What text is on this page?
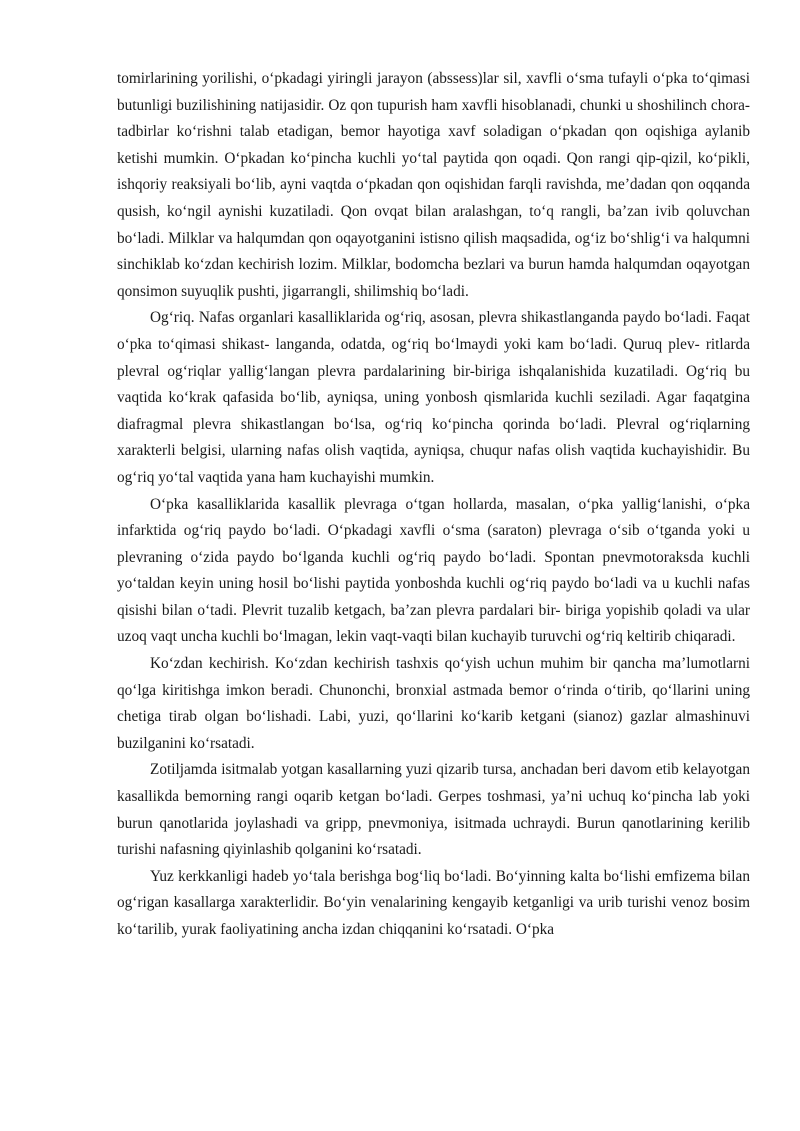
tomirlarining yorilishi, o‘pkadagi yiringli jarayon (abssess)lar sil, xavfli o‘sma tufayli o‘pka to‘qimasi butunligi buzilishining natijasidir. Oz qon tupurish ham xavfli hisoblanadi, chunki u shoshilinch chora- tadbirlar ko‘rishni talab etadigan, bemor hayotiga xavf soladigan o‘pkadan qon oqishiga aylanib ketishi mumkin. O‘pkadan ko‘pincha kuchli yo‘tal paytida qon oqadi. Qon rangi qip-qizil, ko‘pikli, ishqoriy reaksiyali bo‘lib, ayni vaqtda o‘pkadan qon oqishidan farqli ravishda, me’dadan qon oqqanda qusish, ko‘ngil aynishi kuzatiladi. Qon ovqat bilan aralashgan, to‘q rangli, ba’zan ivib qoluvchan bo‘ladi. Milklar va halqumdan qon oqayotganini istisno qilish maqsadida, og‘iz bo‘shlig‘i va halqumni sinchiklab ko‘zdan kechirish lozim. Milklar, bodomcha bezlari va burun hamda halqumdan oqayotgan qonsimon suyuqlik pushti, jigarrangli, shilimshiq bo‘ladi.

Og‘riq. Nafas organlari kasalliklarida og‘riq, asosan, plevra shikastlanganda paydo bo‘ladi. Faqat o‘pka to‘qimasi shikast- langanda, odatda, og‘riq bo‘lmaydi yoki kam bo‘ladi. Quruq plev- ritlarda plevral og‘riqlar yallig‘langan plevra pardalarining bir-biriga ishqalanishida kuzatiladi. Og‘riq bu vaqtida ko‘krak qafasida bo‘lib, ayniqsa, uning yonbosh qismlarida kuchli seziladi. Agar faqatgina diafragmal plevra shikastlangan bo‘lsa, og‘riq ko‘pincha qorinda bo‘ladi. Plevral og‘riqlarning xarakterli belgisi, ularning nafas olish vaqtida, ayniqsa, chuqur nafas olish vaqtida kuchayishidir. Bu og‘riq yo‘tal vaqtida yana ham kuchayishi mumkin.

O‘pka kasalliklarida kasallik plevraga o‘tgan hollarda, masalan, o‘pka yallig‘lanishi, o‘pka infarktida og‘riq paydo bo‘ladi. O‘pkadagi xavfli o‘sma (saraton) plevraga o‘sib o‘tganda yoki u plevraning o‘zida paydo bo‘lganda kuchli og‘riq paydo bo‘ladi. Spontan pnevmotoraksda kuchli yo‘taldan keyin uning hosil bo‘lishi paytida yonboshda kuchli og‘riq paydo bo‘ladi va u kuchli nafas qisishi bilan o‘tadi. Plevrit tuzalib ketgach, ba’zan plevra pardalari bir- biriga yopishib qoladi va ular uzoq vaqt uncha kuchli bo‘lmagan, lekin vaqt-vaqti bilan kuchayib turuvchi og‘riq keltirib chiqaradi.

Ko‘zdan kechirish. Ko‘zdan kechirish tashxis qo‘yish uchun muhim bir qancha ma’lumotlarni qo‘lga kiritishga imkon beradi. Chunonchi, bronxial astmada bemor o‘rinda o‘tirib, qo‘llarini uning chetiga tirab olgan bo‘lishadi. Labi, yuzi, qo‘llarini ko‘karib ketgani (sianoz) gazlar almashinuvi buzilganini ko‘rsatadi.

Zotiljamda isitmalab yotgan kasallarning yuzi qizarib tursa, anchadan beri davom etib kelayotgan kasallikda bemorning rangi oqarib ketgan bo‘ladi. Gerpes toshmasi, ya’ni uchuq ko‘pincha lab yoki burun qanotlarida joylashadi va gripp, pnevmoniya, isitmada uchraydi. Burun qanotlarining kerilib turishi nafasning qiyinlashib qolganini ko‘rsatadi.

Yuz kerkkanligi hadeb yo‘tala berishga bog‘liq bo‘ladi. Bo‘yinning kalta bo‘lishi emfizema bilan og‘rigan kasallarga xarakterlidir. Bo‘yin venalarining kengayib ketganligi va urib turishi venoz bosim ko‘tarilib, yurak faoliyatining ancha izdan chiqqanini ko‘rsatadi. O‘pka
